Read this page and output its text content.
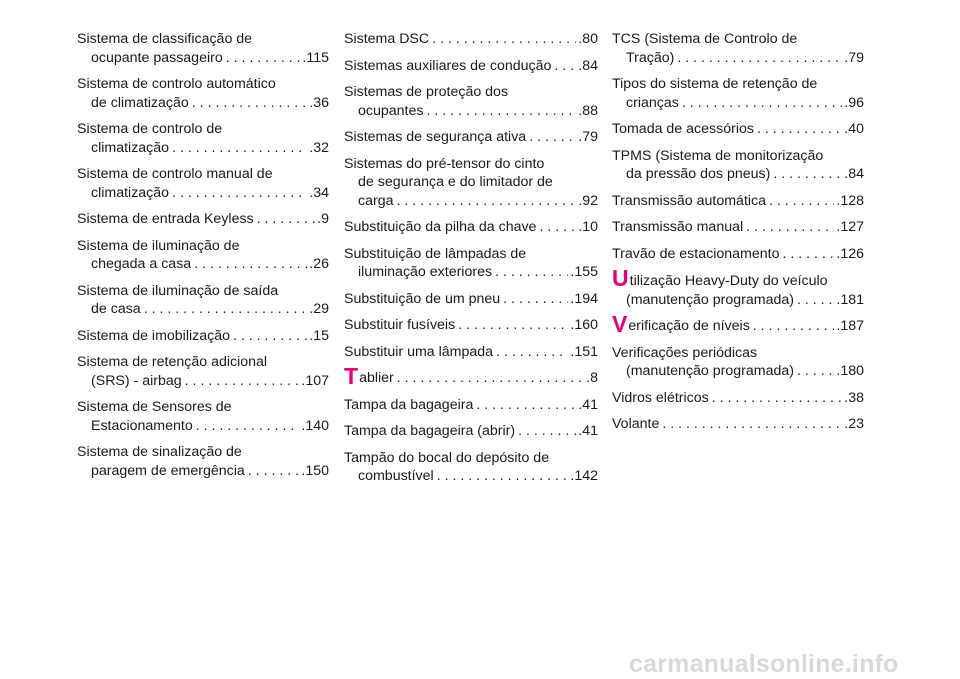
Sistema de classificação de
ocupante passageiro . . .	.115
Sistema de controlo automático
de climatização . . .	.36
Sistema de controlo de
climatização . . .	.32
Sistema de controlo manual de
climatização . . .	.34
Sistema de entrada Keyless . . .	.9
Sistema de iluminação de
chegada a casa . . .	.26
Sistema de iluminação de saída
de casa . . .	.29
Sistema de imobilização . . .	.15
Sistema de retenção adicional
(SRS) - airbag . . .	.107
Sistema de Sensores de
Estacionamento . . .	.140
Sistema de sinalização de
paragem de emergência . . .	.150
Sistema DSC . . .	.80
Sistemas auxiliares de condução . . . .84
Sistemas de proteção dos
ocupantes . . .	.88
Sistemas de segurança ativa . . .	.79
Sistemas do pré-tensor do cinto
de segurança e do limitador de
carga . . .	.92
Substituição da pilha da chave . . .	.10
Substituição de lâmpadas de
iluminação exteriores . . .	.155
Substituição de um pneu . . .	.194
Substituir fusíveis . . .	.160
Substituir uma lâmpada . . .	.151
T ablier . . .	.8
Tampa da bagageira . . .	.41
Tampa da bagageira (abrir) . . .	.41
Tampão do bocal do depósito de
combustível . . .	.142
TCS (Sistema de Controlo de
Tração) . . .	.79
Tipos do sistema de retenção de
crianças . . .	.96
Tomada de acessórios . . .	.40
TPMS (Sistema de monitorização
da pressão dos pneus) . . .	.84
Transmissão automática . . .	.128
Transmissão manual . . .	.127
Travão de estacionamento . . .	.126
Utilização Heavy-Duty do veículo
(manutenção programada) . . .	.181
V erificação de níveis . . .	.187
Verificações periódicas
(manutenção programada) . . .	.180
Vidros elétricos . . .	.38
Volante . . .	.23
carmanualsonline.info
